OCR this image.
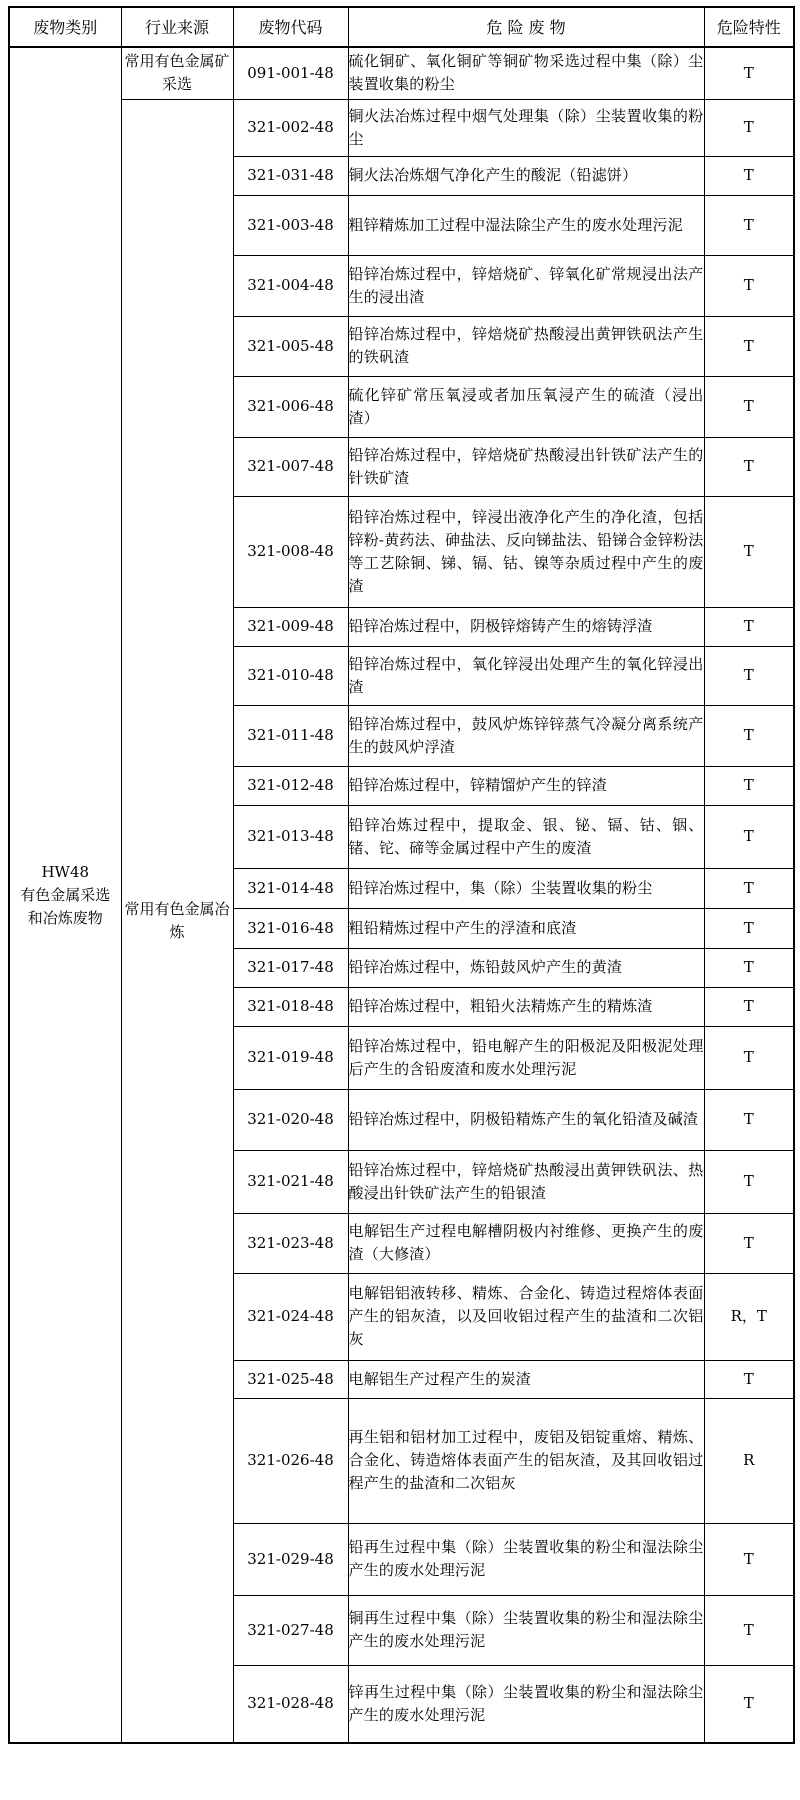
废物类别	行业来源	废物代码	危 险 废 物	危险特性

HW48
有色金属采选
和冶炼废物	常用有色金属矿采选	091-001-48	硫化铜矿、氧化铜矿等铜矿物采选过程中集（除）尘装置收集的粉尘	T
	常用有色金属冶炼	321-002-48	铜火法冶炼过程中烟气处理集（除）尘装置收集的粉尘	T
		321-031-48	铜火法冶炼烟气净化产生的酸泥（铅滤饼）	T
		321-003-48	粗锌精炼加工过程中湿法除尘产生的废水处理污泥	T
		321-004-48	铅锌冶炼过程中，锌焙烧矿、锌氧化矿常规浸出法产生的浸出渣	T
		321-005-48	铅锌冶炼过程中，锌焙烧矿热酸浸出黄钾铁矾法产生的铁矾渣	T
		321-006-48	硫化锌矿常压氧浸或者加压氧浸产生的硫渣（浸出渣）	T
		321-007-48	铅锌冶炼过程中，锌焙烧矿热酸浸出针铁矿法产生的针铁矿渣	T
		321-008-48	铅锌冶炼过程中，锌浸出液净化产生的净化渣，包括锌粉-黄药法、砷盐法、反向锑盐法、铅锑合金锌粉法等工艺除铜、锑、镉、钴、镍等杂质过程中产生的废渣	T
		321-009-48	铅锌冶炼过程中，阴极锌熔铸产生的熔铸浮渣	T
		321-010-48	铅锌冶炼过程中，氧化锌浸出处理产生的氧化锌浸出渣	T
		321-011-48	铅锌冶炼过程中，鼓风炉炼锌锌蒸气冷凝分离系统产生的鼓风炉浮渣	T
		321-012-48	铅锌冶炼过程中，锌精馏炉产生的锌渣	T
		321-013-48	铅锌冶炼过程中，提取金、银、铋、镉、钴、铟、锗、铊、碲等金属过程中产生的废渣	T
		321-014-48	铅锌冶炼过程中，集（除）尘装置收集的粉尘	T
		321-016-48	粗铅精炼过程中产生的浮渣和底渣	T
		321-017-48	铅锌冶炼过程中，炼铅鼓风炉产生的黄渣	T
		321-018-48	铅锌冶炼过程中，粗铅火法精炼产生的精炼渣	T
		321-019-48	铅锌冶炼过程中，铅电解产生的阳极泥及阳极泥处理后产生的含铅废渣和废水处理污泥	T
		321-020-48	铅锌冶炼过程中，阴极铅精炼产生的氧化铅渣及碱渣	T
		321-021-48	铅锌冶炼过程中，锌焙烧矿热酸浸出黄钾铁矾法、热酸浸出针铁矿法产生的铅银渣	T
		321-023-48	电解铝生产过程电解槽阴极内衬维修、更换产生的废渣（大修渣）	T
		321-024-48	电解铝铝液转移、精炼、合金化、铸造过程熔体表面产生的铝灰渣，以及回收铝过程产生的盐渣和二次铝灰	R，T
		321-025-48	电解铝生产过程产生的炭渣	T
		321-026-48	再生铝和铝材加工过程中，废铝及铝锭重熔、精炼、合金化、铸造熔体表面产生的铝灰渣，及其回收铝过程产生的盐渣和二次铝灰	R
		321-029-48	铅再生过程中集（除）尘装置收集的粉尘和湿法除尘产生的废水处理污泥	T
		321-027-48	铜再生过程中集（除）尘装置收集的粉尘和湿法除尘产生的废水处理污泥	T
		321-028-48	锌再生过程中集（除）尘装置收集的粉尘和湿法除尘产生的废水处理污泥	T
